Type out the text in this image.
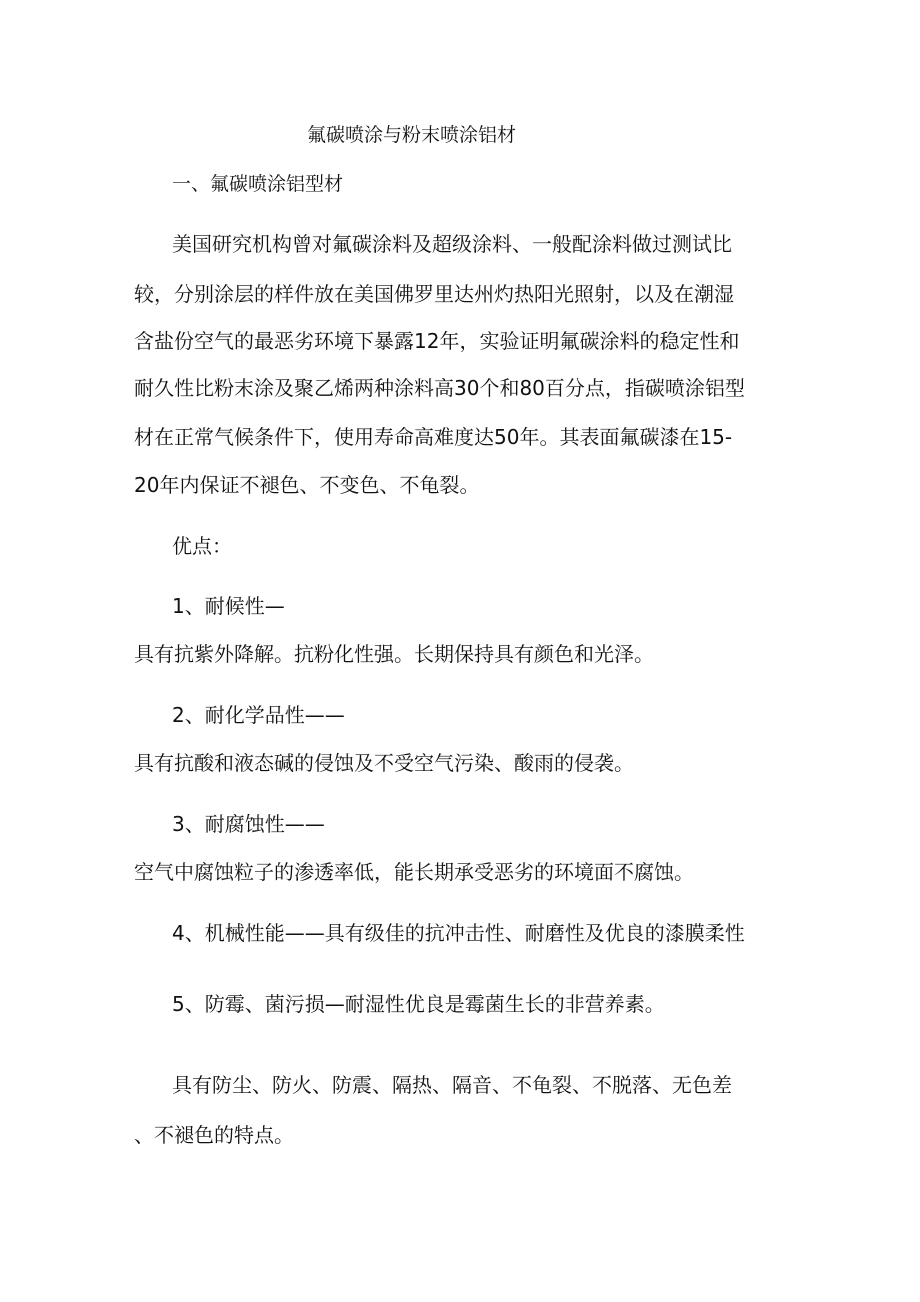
氟碳喷涂与粉末喷涂铝材
一、氟碳喷涂铝型材
美国研究机构曾对氟碳涂料及超级涂料、一般配涂料做过测试比
较，分别涂层的样件放在美国佛罗里达州灼热阳光照射，以及在潮湿
含盐份空气的最恶劣环境下暴露12年，实验证明氟碳涂料的稳定性和
耐久性比粉末涂及聚乙烯两种涂料高30个和80百分点，指碳喷涂铝型
材在正常气候条件下，使用寿命高难度达50年。其表面氟碳漆在15-
20年内保证不褪色、不变色、不龟裂。
优点：
1、耐候性—
具有抗紫外降解。抗粉化性强。长期保持具有颜色和光泽。
2、耐化学品性——
具有抗酸和液态碱的侵蚀及不受空气污染、酸雨的侵袭。
3、耐腐蚀性——
空气中腐蚀粒子的渗透率低，能长期承受恶劣的环境面不腐蚀。
4、机械性能——具有级佳的抗冲击性、耐磨性及优良的漆膜柔性
5、防霉、菌污损—耐湿性优良是霉菌生长的非营养素。
具有防尘、防火、防震、隔热、隔音、不龟裂、不脱落、无色差
、不褪色的特点。
